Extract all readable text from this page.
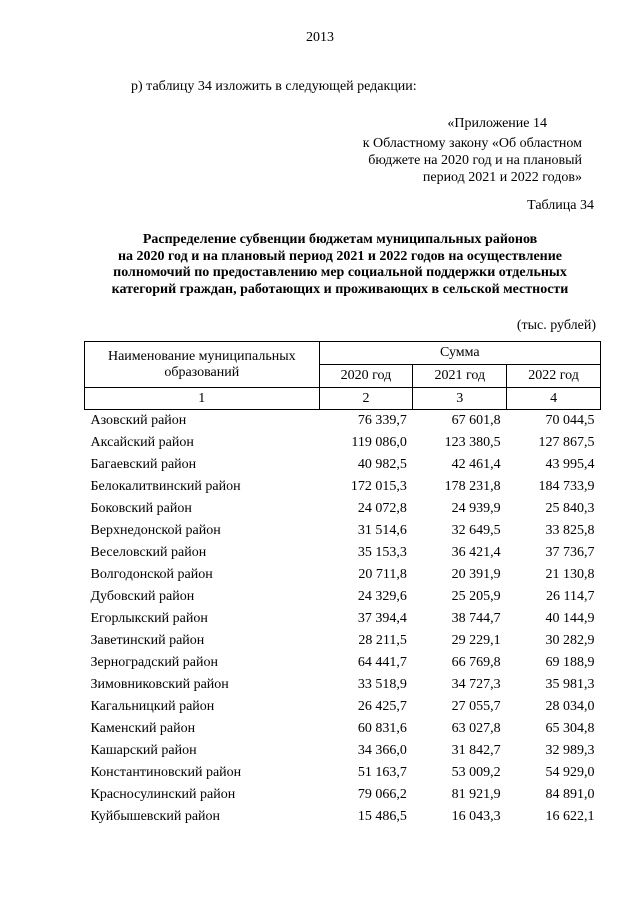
2013
р) таблицу 34 изложить в следующей редакции:
«Приложение 14
к Областному закону «Об областном
бюджете на 2020 год и на плановый
период 2021 и 2022 годов»
Таблица 34
Распределение субвенции бюджетам муниципальных районов
на 2020 год и на плановый период 2021 и 2022 годов на осуществление
полномочий по предоставлению мер социальной поддержки отдельных
категорий граждан, работающих и проживающих в сельской местности
(тыс. рублей)
Наименование муниципальных образований	Сумма		
	2020 год	2021 год	2022 год
1	2	3	4
Азовский район	76 339,7	67 601,8	70 044,5
Аксайский район	119 086,0	123 380,5	127 867,5
Багаевский район	40 982,5	42 461,4	43 995,4
Белокалитвинский район	172 015,3	178 231,8	184 733,9
Боковский район	24 072,8	24 939,9	25 840,3
Верхнедонской район	31 514,6	32 649,5	33 825,8
Веселовский район	35 153,3	36 421,4	37 736,7
Волгодонской район	20 711,8	20 391,9	21 130,8
Дубовский район	24 329,6	25 205,9	26 114,7
Егорлыкский район	37 394,4	38 744,7	40 144,9
Заветинский район	28 211,5	29 229,1	30 282,9
Зерноградский район	64 441,7	66 769,8	69 188,9
Зимовниковский район	33 518,9	34 727,3	35 981,3
Кагальницкий район	26 425,7	27 055,7	28 034,0
Каменский район	60 831,6	63 027,8	65 304,8
Кашарский район	34 366,0	31 842,7	32 989,3
Константиновский район	51 163,7	53 009,2	54 929,0
Красносулинский район	79 066,2	81 921,9	84 891,0
Куйбышевский район	15 486,5	16 043,3	16 622,1
